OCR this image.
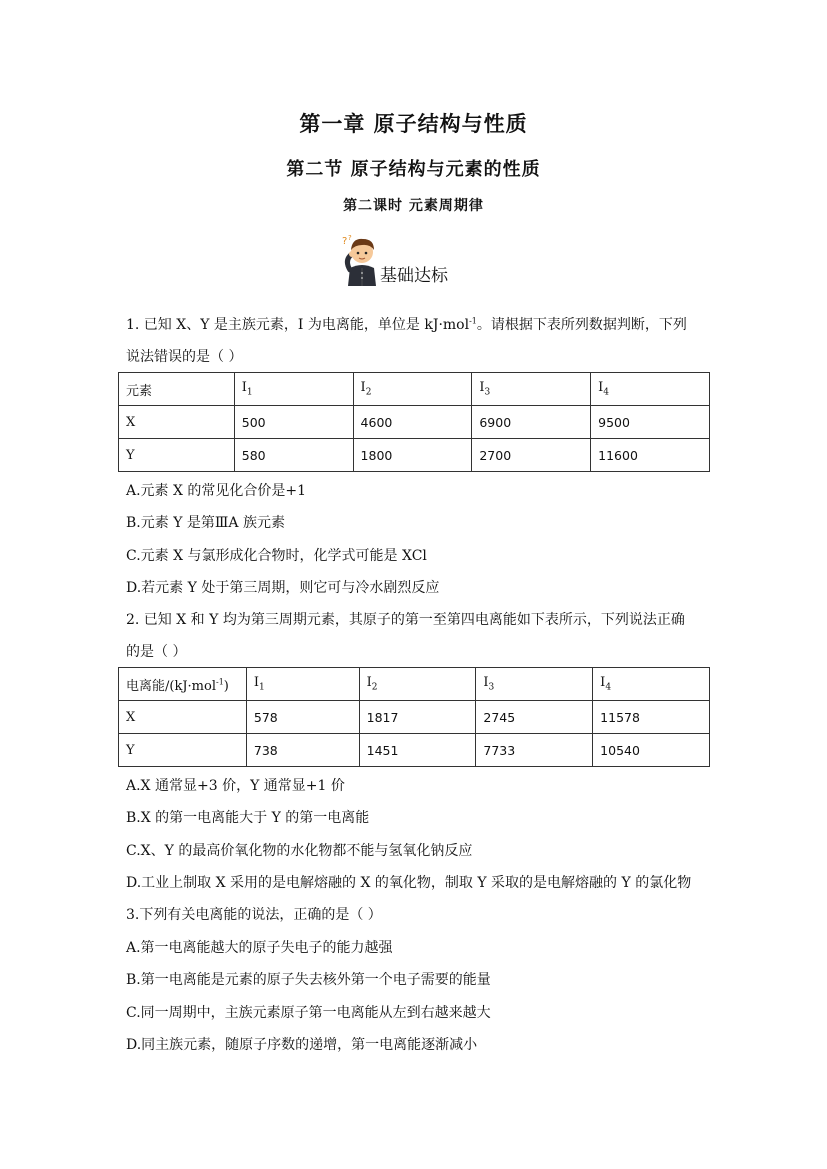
第一章 原子结构与性质
第二节 原子结构与元素的性质
第二课时 元素周期律
? ?
基础达标
1. 已知 X、Y 是主族元素，I 为电离能，单位是 kJ·mol$^{-1}$。请根据下表所列数据判断，下列
说法错误的是（ ）
元素	$I_1$	$I_2$	$I_3$	$I_4$
X	500	4600	6900	9500
Y	580	1800	2700	11600
A.元素 X 的常见化合价是+1
B.元素 Y 是第ⅢA 族元素
C.元素 X 与氯形成化合物时，化学式可能是 XCl
D.若元素 Y 处于第三周期，则它可与冷水剧烈反应
2. 已知 X 和 Y 均为第三周期元素，其原子的第一至第四电离能如下表所示，下列说法正确
的是（ ）
电离能/(kJ·mol$^{-1}$)	$I_1$	$I_2$	$I_3$	$I_4$
X	578	1817	2745	11578
Y	738	1451	7733	10540
A.X 通常显+3 价，Y 通常显+1 价
B.X 的第一电离能大于 Y 的第一电离能
C.X、Y 的最高价氧化物的水化物都不能与氢氧化钠反应
D.工业上制取 X 采用的是电解熔融的 X 的氧化物，制取 Y 采取的是电解熔融的 Y 的氯化物
3.下列有关电离能的说法，正确的是（ ）
A.第一电离能越大的原子失电子的能力越强
B.第一电离能是元素的原子失去核外第一个电子需要的能量
C.同一周期中，主族元素原子第一电离能从左到右越来越大
D.同主族元素，随原子序数的递增，第一电离能逐渐减小
